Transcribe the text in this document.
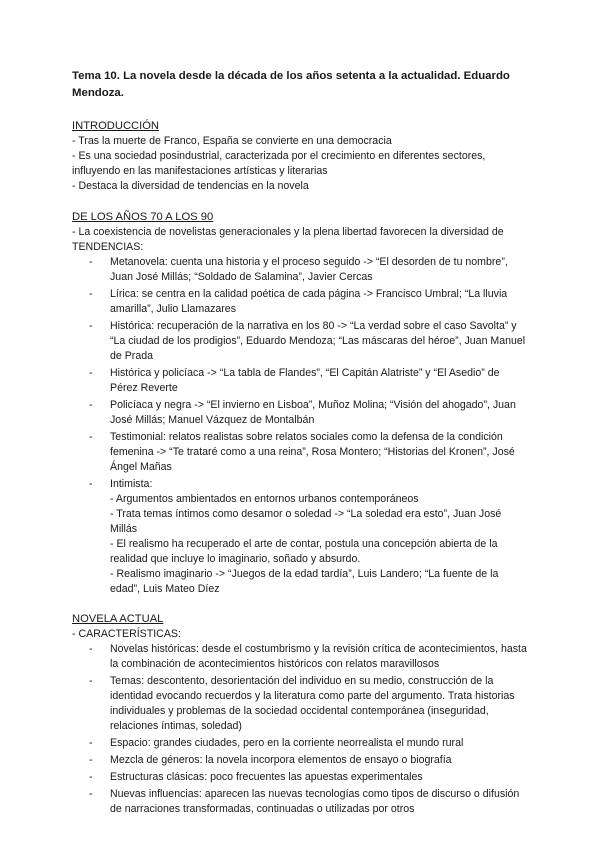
Tema 10. La novela desde la década de los años setenta a la actualidad. Eduardo Mendoza.

INTRODUCCIÓN

- Tras la muerte de Franco, España se convierte en una democracia

- Es una sociedad posindustrial, caracterizada por el crecimiento en diferentes sectores, influyendo en las manifestaciones artísticas y literarias

- Destaca la diversidad de tendencias en la novela

DE LOS AÑOS 70 A LOS 90

- La coexistencia de novelistas generacionales y la plena libertad favorecen la diversidad de TENDENCIAS:

- Metanovela: cuenta una historia y el proceso seguido -> “El desorden de tu nombre”, Juan José Millás; “Soldado de Salamina”, Javier Cercas
- Lírica: se centra en la calidad poética de cada página -> Francisco Umbral; “La lluvia amarilla”, Julio Llamazares
- Histórica: recuperación de la narrativa en los 80 -> “La verdad sobre el caso Savolta” y “La ciudad de los prodigios”, Eduardo Mendoza; “Las máscaras del héroe”, Juan Manuel de Prada
- Histórica y policíaca -> “La tabla de Flandes”, “El Capitán Alatriste” y “El Asedio” de Pérez Reverte
- Policíaca y negra -> “El invierno en Lisboa”, Muñoz Molina; “Visión del ahogado”, Juan José Millás; Manuel Vázquez de Montalbán
- Testimonial: relatos realistas sobre relatos sociales como la defensa de la condición femenina -> “Te trataré como a una reina”, Rosa Montero; “Historias del Kronen”, José Ángel Mañas
- Intimista:
- Argumentos ambientados en entornos urbanos contemporáneos
- Trata temas íntimos como desamor o soledad -> “La soledad era esto”, Juan José Millás
- El realismo ha recuperado el arte de contar, postula una concepción abierta de la realidad que incluye lo imaginario, soñado y absurdo.
- Realismo imaginario -> “Juegos de la edad tardía”, Luis Landero; “La fuente de la edad”, Luis Mateo Díez

NOVELA ACTUAL

- CARACTERÍSTICAS:

- Novelas históricas: desde el costumbrismo y la revisión crítica de acontecimientos, hasta la combinación de acontecimientos históricos con relatos maravillosos
- Temas: descontento, desorientación del individuo en su medio, construcción de la identidad evocando recuerdos y la literatura como parte del argumento. Trata historias individuales y problemas de la sociedad occidental contemporánea (inseguridad, relaciones íntimas, soledad)
- Espacio: grandes ciudades, pero en la corriente neorrealista el mundo rural
- Mezcla de géneros: la novela incorpora elementos de ensayo o biografía
- Estructuras clásicas: poco frecuentes las apuestas experimentales
- Nuevas influencias: aparecen las nuevas tecnologías como tipos de discurso o difusión de narraciones transformadas, continuadas o utilizadas por otros
